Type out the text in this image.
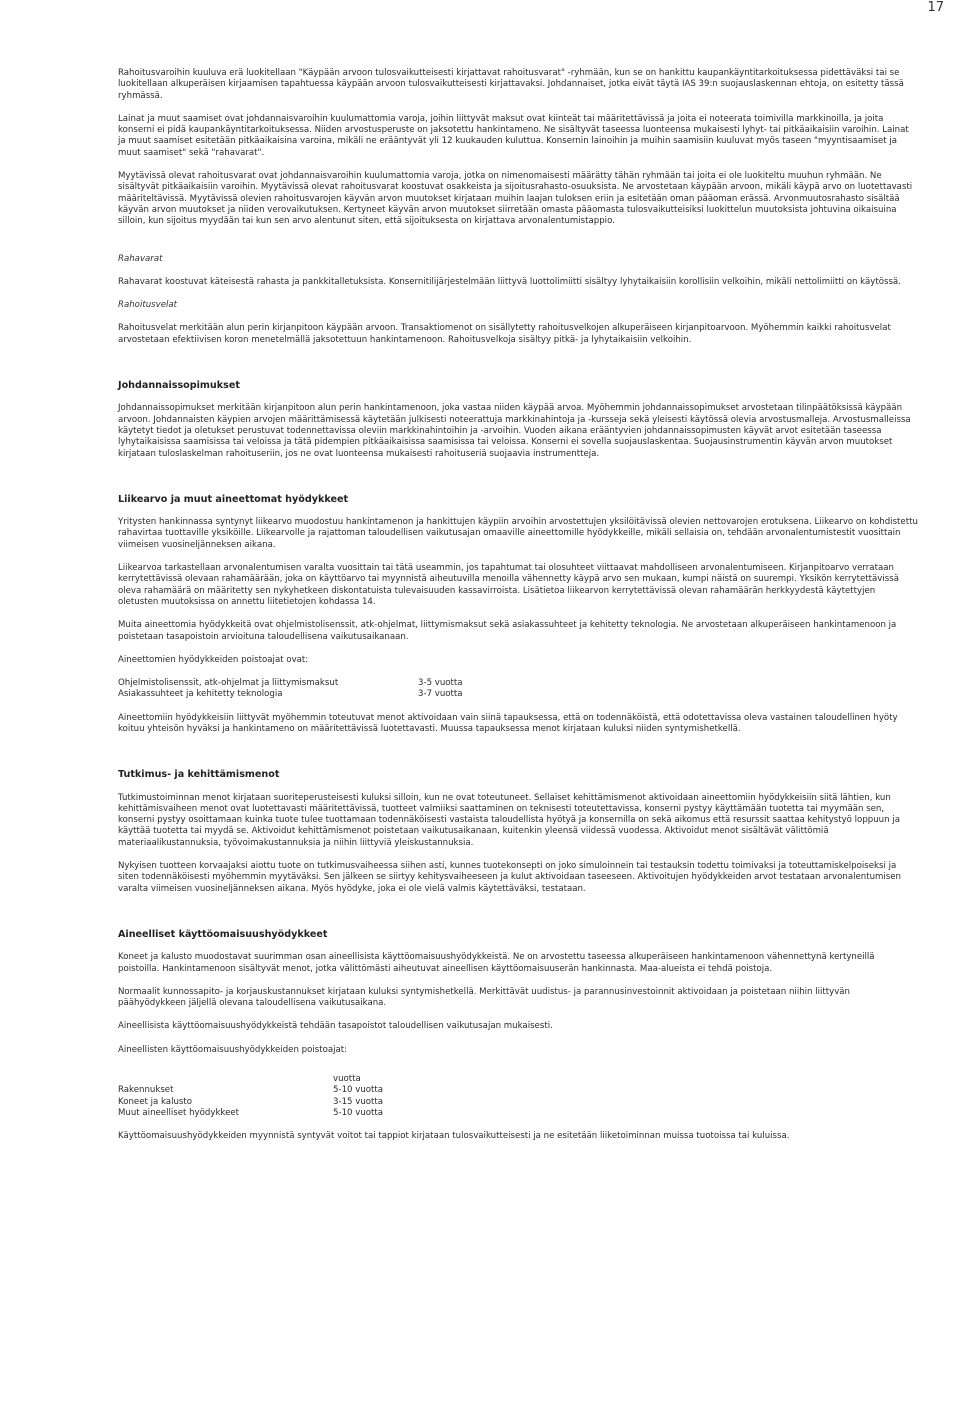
17

Rahoitusvaroihin kuuluva erä luokitellaan "Käypään arvoon tulosvaikutteisesti kirjattavat rahoitusvarat" -ryhmään, kun se on hankittu kaupankäyntitarkoituksessa pidettäväksi tai se luokitellaan alkuperäisen kirjaamisen tapahtuessa käypään arvoon tulosvaikutteisesti kirjattavaksi. Johdannaiset, jotka eivät täytä IAS 39:n suojauslaskennan ehtoja, on esitetty tässä ryhmässä.

Lainat ja muut saamiset ovat johdannaisvaroihin kuulumattomia varoja, joihin liittyvät maksut ovat kiinteät tai määritettävissä ja joita ei noteerata toimivilla markkinoilla, ja joita konserni ei pidä kaupankäyntitarkoituksessa. Niiden arvostusperuste on jaksotettu hankintameno. Ne sisältyvät taseessa luonteensa mukaisesti lyhyt- tai pitkäaikaisiin varoihin. Lainat ja muut saamiset esitetään pitkäaikaisina varoina, mikäli ne erääntyvät yli 12 kuukauden kuluttua. Konsernin lainoihin ja muihin saamisiin kuuluvat myös taseen "myyntisaamiset ja muut saamiset" sekä "rahavarat".

Myytävissä olevat rahoitusvarat ovat johdannaisvaroihin kuulumattomia varoja, jotka on nimenomaisesti määrätty tähän ryhmään tai joita ei ole luokiteltu muuhun ryhmään. Ne sisältyvät pitkäaikaisiin varoihin. Myytävissä olevat rahoitusvarat koostuvat osakkeista ja sijoitusrahasto-osuuksista. Ne arvostetaan käypään arvoon, mikäli käypä arvo on luotettavasti määriteltävissä. Myytävissä olevien rahoitusvarojen käyvän arvon muutokset kirjataan muihin laajan tuloksen eriin ja esitetään oman pääoman erässä. Arvonmuutosrahasto sisältää käyvän arvon muutokset ja niiden verovaikutuksen. Kertyneet käyvän arvon muutokset siirretään omasta pääomasta tulosvaikutteisiksi luokittelun muutoksista johtuvina oikaisuina silloin, kun sijoitus myydään tai kun sen arvo alentunut siten, että sijoituksesta on kirjattava arvonalentumistappio.

Rahavarat

Rahavarat koostuvat käteisestä rahasta ja pankkitalletuksista. Konsernitilijärjestelmään liittyvä luottolimiitti sisältyy lyhytaikaisiin korollisiin velkoihin, mikäli nettolimiitti on käytössä.

Rahoitusvelat

Rahoitusvelat merkitään alun perin kirjanpitoon käypään arvoon. Transaktiomenot on sisällytetty rahoitusvelkojen alkuperäiseen kirjanpitoarvoon. Myöhemmin kaikki rahoitusvelat arvostetaan efektiivisen koron menetelmällä jaksotettuun hankintamenoon. Rahoitusvelkoja sisältyy pitkä- ja lyhytaikaisiin velkoihin.

Johdannaissopimukset

Johdannaissopimukset merkitään kirjanpitoon alun perin hankintamenoon, joka vastaa niiden käypää arvoa. Myöhemmin johdannaissopimukset arvostetaan tilinpäätöksissä käypään arvoon. Johdannaisten käypien arvojen määrittämisessä käytetään julkisesti noteerattuja markkinahintoja ja -kursseja sekä yleisesti käytössä olevia arvostusmalleja. Arvostusmalleissa käytetyt tiedot ja oletukset perustuvat todennettavissa oleviin markkinahintoihin ja -arvoihin. Vuoden aikana erääntyvien johdannaissopimusten käyvät arvot esitetään taseessa lyhytaikaisissa saamisissa tai veloissa ja tätä pidempien pitkäaikaisissa saamisissa tai veloissa. Konserni ei sovella suojauslaskentaa. Suojausinstrumentin käyvän arvon muutokset kirjataan tuloslaskelman rahoituseriin, jos ne ovat luonteensa mukaisesti rahoituseriä suojaavia instrumentteja.

Liikearvo ja muut aineettomat hyödykkeet

Yritysten hankinnassa syntynyt liikearvo muodostuu hankintamenon ja hankittujen käypiin arvoihin arvostettujen yksilöitävissä olevien nettovarojen erotuksena. Liikearvo on kohdistettu rahavirtaa tuottaville yksiköille. Liikearvolle ja rajattoman taloudellisen vaikutusajan omaaville aineettomille hyödykkeille, mikäli sellaisia on, tehdään arvonalentumistestit vuosittain viimeisen vuosineljänneksen aikana.

Liikearvoa tarkastellaan arvonalentumisen varalta vuosittain tai tätä useammin, jos tapahtumat tai olosuhteet viittaavat mahdolliseen arvonalentumiseen. Kirjanpitoarvo verrataan kerrytettävissä olevaan rahamäärään, joka on käyttöarvo tai myynnistä aiheutuvilla menoilla vähennetty käypä arvo sen mukaan, kumpi näistä on suurempi. Yksikön kerrytettävissä oleva rahamäärä on määritetty sen nykyhetkeen diskontatuista tulevaisuuden kassavirroista. Lisätietoa liikearvon kerrytettävissä olevan rahamäärän herkkyydestä käytettyjen oletusten muutoksissa on annettu liitetietojen kohdassa 14.

Muita aineettomia hyödykkeitä ovat ohjelmistolisenssit, atk-ohjelmat, liittymismaksut sekä asiakassuhteet ja kehitetty teknologia. Ne arvostetaan alkuperäiseen hankintamenoon ja poistetaan tasapoistoin arvioituna taloudellisena vaikutusaikanaan.

Aineettomien hyödykkeiden poistoajat ovat:

Ohjelmistolisenssit, atk-ohjelmat ja liittymismaksut	3-5 vuotta
Asiakassuhteet ja kehitetty teknologia	3-7 vuotta

Aineettomiin hyödykkeisiin liittyvät myöhemmin toteutuvat menot aktivoidaan vain siinä tapauksessa, että on todennäköistä, että odotettavissa oleva vastainen taloudellinen hyöty koituu yhteisön hyväksi ja hankintameno on määritettävissä luotettavasti. Muussa tapauksessa menot kirjataan kuluksi niiden syntymishetkellä.

Tutkimus- ja kehittämismenot

Tutkimustoiminnan menot kirjataan suoriteperusteisesti kuluksi silloin, kun ne ovat toteutuneet. Sellaiset kehittämismenot aktivoidaan aineettomiin hyödykkeisiin siitä lähtien, kun kehittämisvaiheen menot ovat luotettavasti määritettävissä, tuotteet valmiiksi saattaminen on teknisesti toteutettavissa, konserni pystyy käyttämään tuotetta tai myymään sen, konserni pystyy osoittamaan kuinka tuote tulee tuottamaan todennäköisesti vastaista taloudellista hyötyä ja konsernilla on sekä aikomus että resurssit saattaa kehitystyö loppuun ja käyttää tuotetta tai myydä se. Aktivoidut kehittämismenot poistetaan vaikutusaikanaan, kuitenkin yleensä viidessä vuodessa. Aktivoidut menot sisältävät välittömiä materiaalikustannuksia, työvoimakustannuksia ja niihin liittyviä yleiskustannuksia.

Nykyisen tuotteen korvaajaksi aiottu tuote on tutkimusvaiheessa siihen asti, kunnes tuotekonsepti on joko simuloinnein tai testauksin todettu toimivaksi ja toteuttamiskelpoiseksi ja siten todennäköisesti myöhemmin myytäväksi. Sen jälkeen se siirtyy kehitysvaiheeseen ja kulut aktivoidaan taseeseen. Aktivoitujen hyödykkeiden arvot testataan arvonalentumisen varalta viimeisen vuosineljänneksen aikana. Myös hyödyke, joka ei ole vielä valmis käytettäväksi, testataan.

Aineelliset käyttöomaisuushyödykkeet

Koneet ja kalusto muodostavat suurimman osan aineellisista käyttöomaisuushyödykkeistä. Ne on arvostettu taseessa alkuperäiseen hankintamenoon vähennettynä kertyneillä poistoilla. Hankintamenoon sisältyvät menot, jotka välittömästi aiheutuvat aineellisen käyttöomaisuuserän hankinnasta. Maa-alueista ei tehdä poistoja.

Normaalit kunnossapito- ja korjauskustannukset kirjataan kuluksi syntymishetkellä. Merkittävät uudistus- ja parannusinvestoinnit aktivoidaan ja poistetaan niihin liittyvän päähyödykkeen jäljellä olevana taloudellisena vaikutusaikana.

Aineellisista käyttöomaisuushyödykkeistä tehdään tasapoistot taloudellisen vaikutusajan mukaisesti.

Aineellisten käyttöomaisuushyödykkeiden poistoajat:

vuotta
Rakennukset	5-10 vuotta
Koneet ja kalusto	3-15 vuotta
Muut aineelliset hyödykkeet	5-10 vuotta

Käyttöomaisuushyödykkeiden myynnistä syntyvät voitot tai tappiot kirjataan tulosvaikutteisesti ja ne esitetään liiketoiminnan muissa tuotoissa tai kuluissa.
